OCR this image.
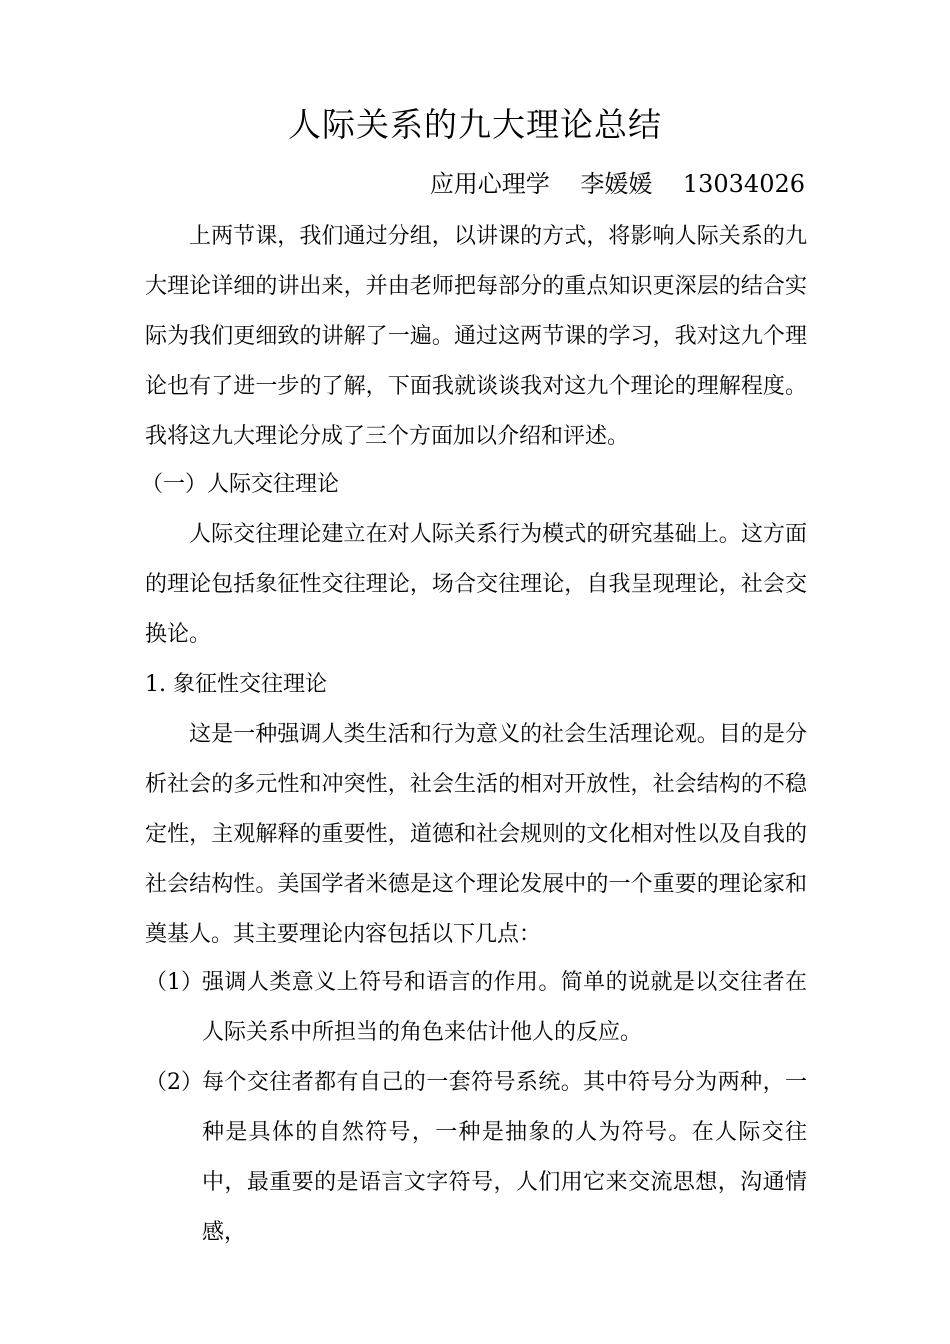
人际关系的九大理论总结
应用心理学    李媛媛    13034026

上两节课，我们通过分组，以讲课的方式，将影响人际关系的九大理论详细的讲出来，并由老师把每部分的重点知识更深层的结合实际为我们更细致的讲解了一遍。通过这两节课的学习，我对这九个理论也有了进一步的了解，下面我就谈谈我对这九个理论的理解程度。我将这九大理论分成了三个方面加以介绍和评述。

（一）人际交往理论

人际交往理论建立在对人际关系行为模式的研究基础上。这方面的理论包括象征性交往理论，场合交往理论，自我呈现理论，社会交换论。

1. 象征性交往理论

这是一种强调人类生活和行为意义的社会生活理论观。目的是分析社会的多元性和冲突性，社会生活的相对开放性，社会结构的不稳定性，主观解释的重要性，道德和社会规则的文化相对性以及自我的社会结构性。美国学者米德是这个理论发展中的一个重要的理论家和奠基人。其主要理论内容包括以下几点：

（1） 强调人类意义上符号和语言的作用。简单的说就是以交往者在人际关系中所担当的角色来估计他人的反应。
（2） 每个交往者都有自己的一套符号系统。其中符号分为两种，一种是具体的自然符号，一种是抽象的人为符号。在人际交往中，最重要的是语言文字符号，人们用它来交流思想，沟通情感，
